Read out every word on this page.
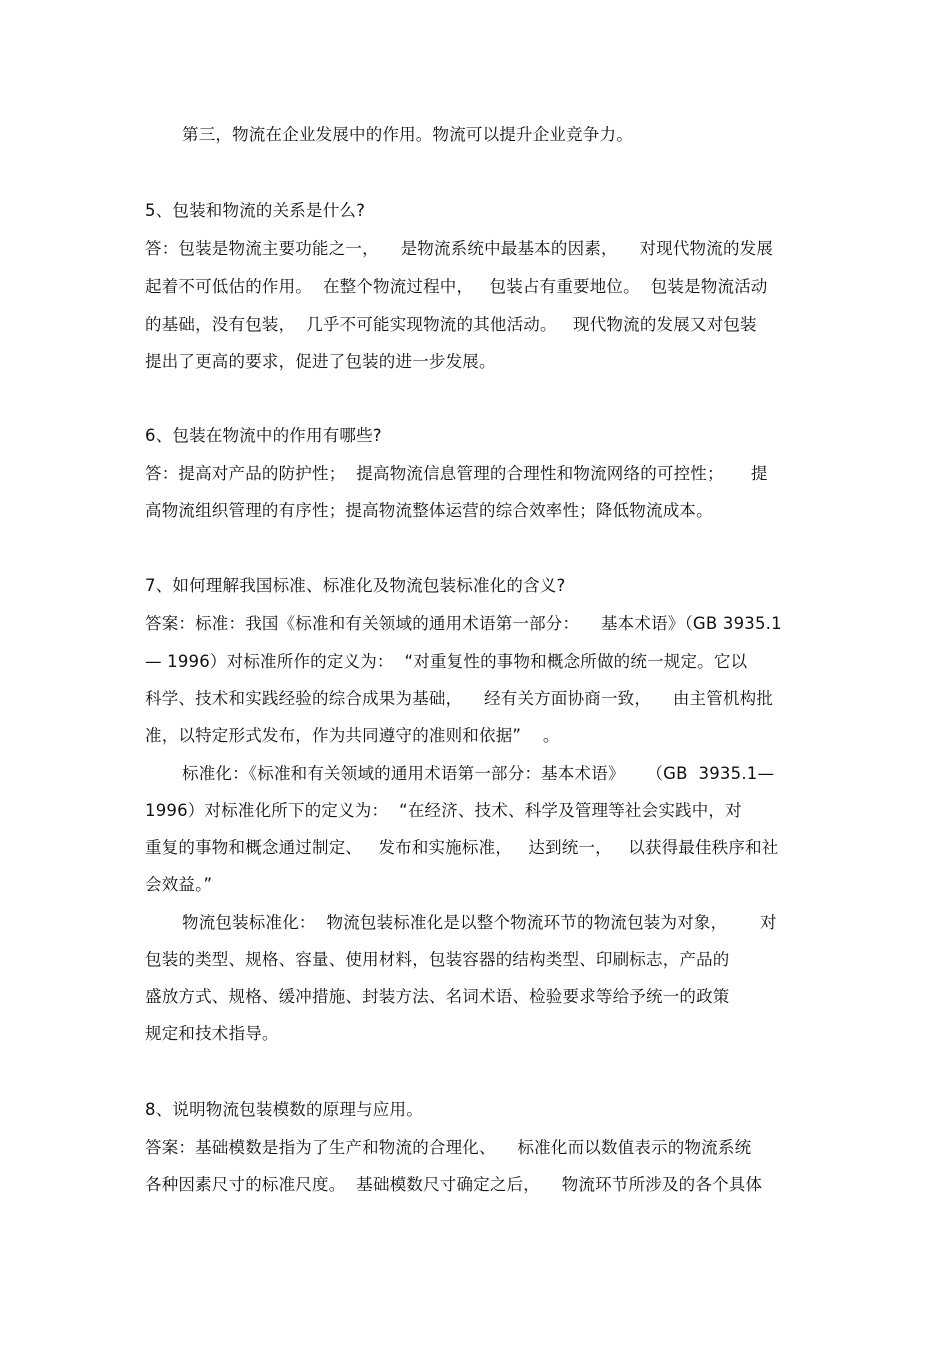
第三，物流在企业发展中的作用。物流可以提升企业竞争力。
5、包装和物流的关系是什么?
答：包装是物流主要功能之一，    是物流系统中最基本的因素，    对现代物流的发展
起着不可低估的作用。  在整个物流过程中，   包装占有重要地位。  包装是物流活动
的基础，没有包装，  几乎不可能实现物流的其他活动。   现代物流的发展又对包装
提出了更高的要求，促进了包装的进一步发展。
6、包装在物流中的作用有哪些?
答：提高对产品的防护性；  提高物流信息管理的合理性和物流网络的可控性；     提
高物流组织管理的有序性；提高物流整体运营的综合效率性；降低物流成本。
7、如何理解我国标准、标准化及物流包装标准化的含义?
答案：标准：我国《标准和有关领域的通用术语第一部分：    基本术语》（GB 3935.1
— 1996）对标准所作的定义为：  “对重复性的事物和概念所做的统一规定。它以
科学、技术和实践经验的综合成果为基础，    经有关方面协商一致，    由主管机构批
准，以特定形式发布，作为共同遵守的准则和依据”    。
标准化：《标准和有关领域的通用术语第一部分：基本术语》    （GB  3935.1—
1996）对标准化所下的定义为：  “在经济、技术、科学及管理等社会实践中，对
重复的事物和概念通过制定、   发布和实施标准，   达到统一，   以获得最佳秩序和社
会效益。”
物流包装标准化：  物流包装标准化是以整个物流环节的物流包装为对象，      对
包装的类型、规格、容量、使用材料，包装容器的结构类型、印刷标志，产品的
盛放方式、规格、缓冲措施、封装方法、名词术语、检验要求等给予统一的政策
规定和技术指导。
8、说明物流包装模数的原理与应用。
答案：基础模数是指为了生产和物流的合理化、    标准化而以数值表示的物流系统
各种因素尺寸的标准尺度。  基础模数尺寸确定之后，    物流环节所涉及的各个具体
